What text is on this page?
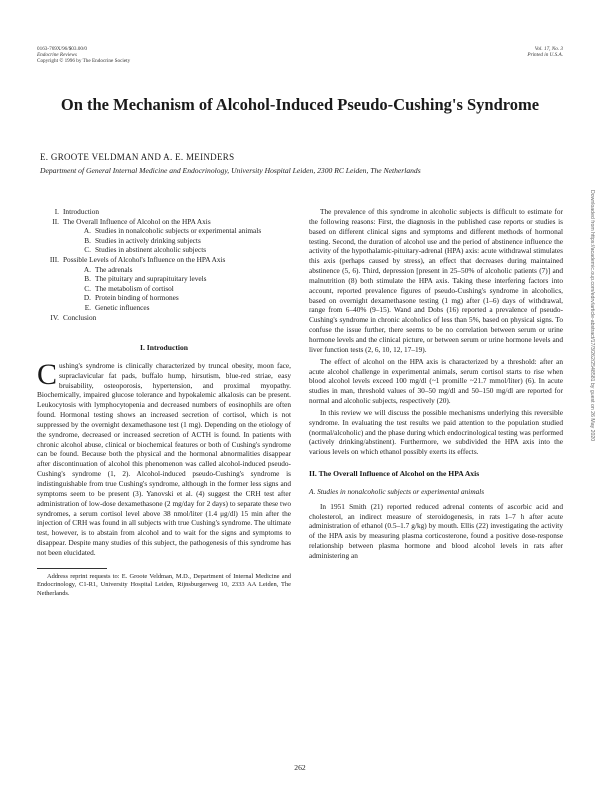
0163-769X/96/$03.00/0
Endocrine Reviews
Copyright © 1996 by The Endocrine Society
Vol. 17, No. 3
Printed in U.S.A.
On the Mechanism of Alcohol-Induced Pseudo-Cushing's Syndrome
E. GROOTE VELDMAN AND A. E. MEINDERS
Department of General Internal Medicine and Endocrinology, University Hospital Leiden, 2300 RC Leiden, The Netherlands
I. Introduction
II. The Overall Influence of Alcohol on the HPA Axis
A. Studies in nonalcoholic subjects or experimental animals
B. Studies in actively drinking subjects
C. Studies in abstinent alcoholic subjects
III. Possible Levels of Alcohol's Influence on the HPA Axis
A. The adrenals
B. The pituitary and suprapituitary levels
C. The metabolism of cortisol
D. Protein binding of hormones
E. Genetic influences
IV. Conclusion
I. Introduction

Cushing's syndrome is clinically characterized by truncal obesity, moon face, supraclavicular fat pads, buffalo hump, hirsutism, blue-red striae, easy bruisability, osteoporosis, hypertension, and proximal myopathy. Biochemically, impaired glucose tolerance and hypokalemic alkalosis can be present. Leukocytosis with lymphocytopenia and decreased numbers of eosinophils are often found. Hormonal testing shows an increased secretion of cortisol, which is not suppressed by the overnight dexamethasone test (1 mg). Depending on the etiology of the syndrome, decreased or increased secretion of ACTH is found. In patients with chronic alcohol abuse, clinical or biochemical features or both of Cushing's syndrome can be found. Because both the physical and the hormonal abnormalities disappear after discontinuation of alcohol this phenomenon was called alcohol-induced pseudo-Cushing's syndrome (1, 2). Alcohol-induced pseudo-Cushing's syndrome is indistinguishable from true Cushing's syndrome, although in the former less signs and symptoms seem to be present (3). Yanovski et al. (4) suggest the CRH test after administration of low-dose dexamethasone (2 mg/day for 2 days) to separate these two syndromes, a serum cortisol level above 38 nmol/liter (1.4 μg/dl) 15 min after the injection of CRH was found in all subjects with true Cushing's syndrome. The ultimate test, however, is to abstain from alcohol and to wait for the signs and symptoms to disappear. Despite many studies of this subject, the pathogenesis of this syndrome has not been elucidated.

Address reprint requests to: E. Groote Veldman, M.D., Department of Internal Medicine and Endocrinology, C1-R1, University Hospital Leiden, Rijnsburgerweg 10, 2333 AA Leiden, The Netherlands.

The prevalence of this syndrome in alcoholic subjects is difficult to estimate for the following reasons: First, the diagnosis in the published case reports or studies is based on different clinical signs and symptoms and different methods of hormonal testing. Second, the duration of alcohol use and the period of abstinence influence the activity of the hypothalamic-pituitary-adrenal (HPA) axis: acute withdrawal stimulates this axis (perhaps caused by stress), an effect that decreases during maintained abstinence (5, 6). Third, depression [present in 25–50% of alcoholic patients (7)] and malnutrition (8) both stimulate the HPA axis. Taking these interfering factors into account, reported prevalence figures of pseudo-Cushing's syndrome in alcoholics, based on overnight dexamethasone testing (1 mg) after (1–6) days of withdrawal, range from 6–40% (9–15). Wand and Dobs (16) reported a prevalence of pseudo-Cushing's syndrome in chronic alcoholics of less than 5%, based on physical signs. To confuse the issue further, there seems to be no correlation between serum or urine hormone levels and the clinical picture, or between serum or urine hormone levels and liver function tests (2, 6, 10, 12, 17–19).

The effect of alcohol on the HPA axis is characterized by a threshold: after an acute alcohol challenge in experimental animals, serum cortisol starts to rise when blood alcohol levels exceed 100 mg/dl (~1 promille ~21.7 mmol/liter) (6). In acute studies in man, threshold values of 30–50 mg/dl and 50–150 mg/dl are reported for normal and alcoholic subjects, respectively (20).

In this review we will discuss the possible mechanisms underlying this reversible syndrome. In evaluating the test results we paid attention to the population studied (normal/alcoholic) and the phase during which endocrinological testing was performed (actively drinking/abstinent). Furthermore, we subdivided the HPA axis into the various levels on which ethanol possibly exerts its effects.

II. The Overall Influence of Alcohol on the HPA Axis
A. Studies in nonalcoholic subjects or experimental animals

In 1951 Smith (21) reported reduced adrenal contents of ascorbic acid and cholesterol, an indirect measure of steroidogenesis, in rats 1–7 h after acute administration of ethanol (0.5–1.7 g/kg) by mouth. Ellis (22) investigating the activity of the HPA axis by measuring plasma corticosterone, found a positive dose-response relationship between plasma hormone and blood alcohol levels in rats after administering an

262
Downloaded from https://academic.oup.com/edrv/article-abstract/17/3/262/2548581 by guest on 26 May 2020
